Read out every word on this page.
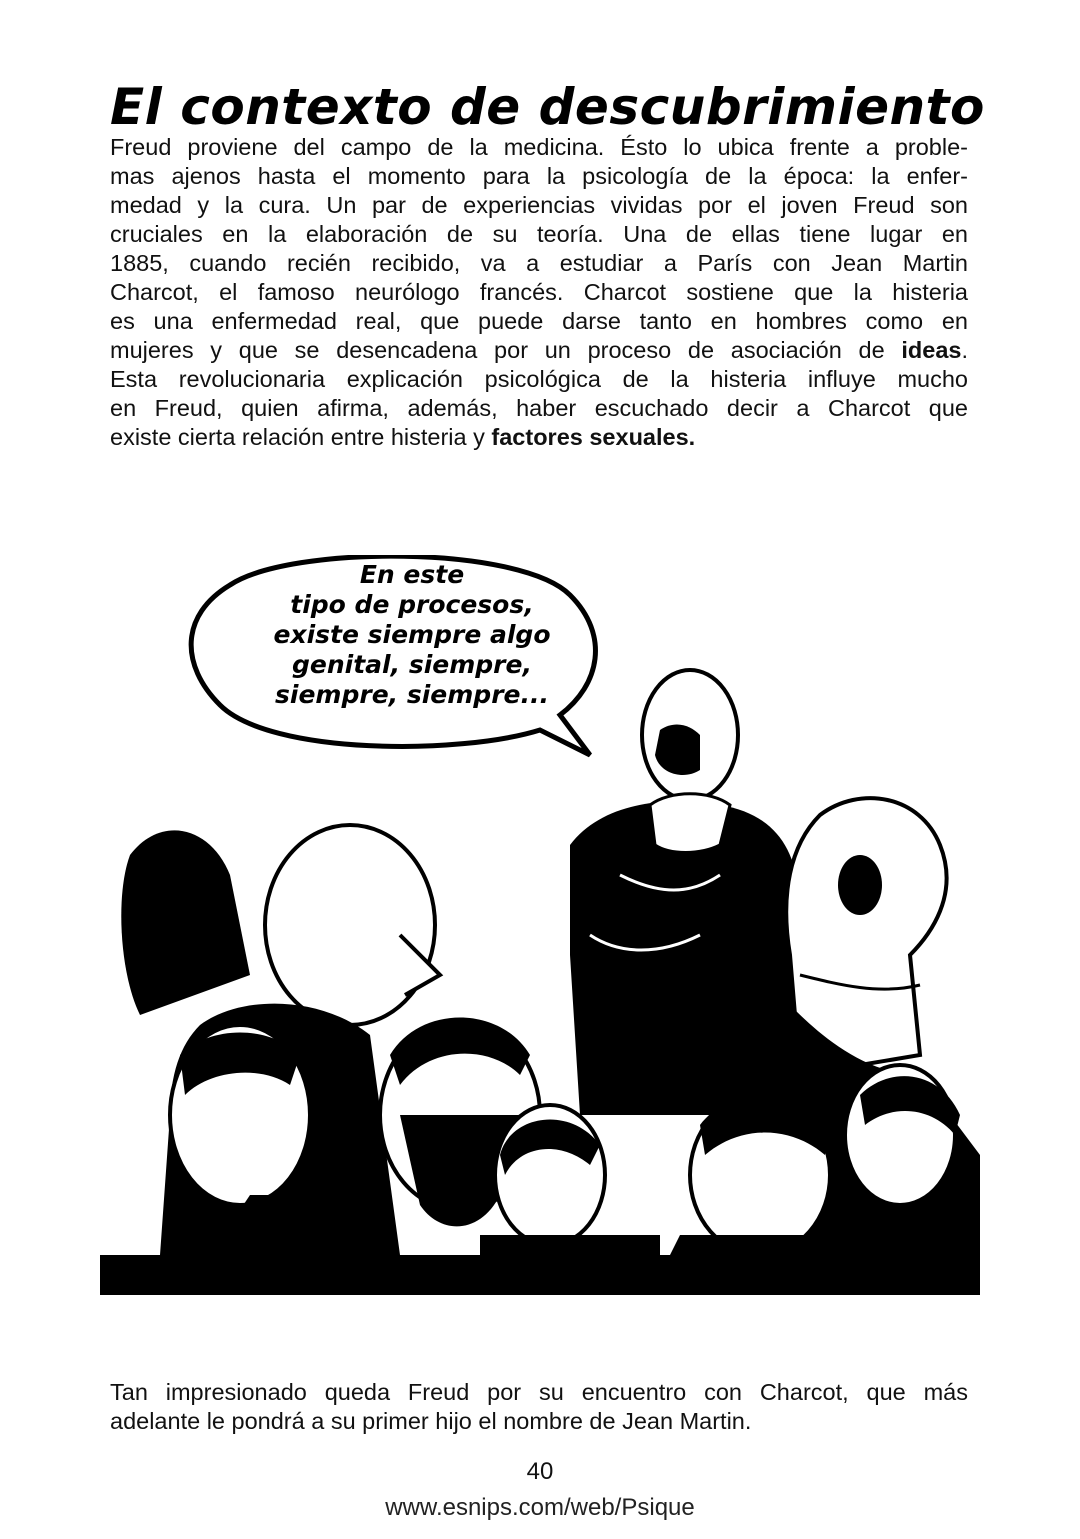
El contexto de descubrimiento
Freud proviene del campo de la medicina. Ésto lo ubica frente a proble-
mas ajenos hasta el momento para la psicología de la época: la enfer-
medad y la cura. Un par de experiencias vividas por el joven Freud son
cruciales en la elaboración de su teoría. Una de ellas tiene lugar en
1885, cuando recién recibido, va a estudiar a París con Jean Martin
Charcot, el famoso neurólogo francés. Charcot sostiene que la histeria
es una enfermedad real, que puede darse tanto en hombres como en
mujeres y que se desencadena por un proceso de asociación de ideas.
Esta revolucionaria explicación psicológica de la histeria influye mucho
en Freud, quien afirma, además, haber escuchado decir a Charcot que
existe cierta relación entre histeria y factores sexuales.
En este
tipo de procesos,
existe siempre algo
genital, siempre,
siempre, siempre...
Tan impresionado queda Freud por su encuentro con Charcot, que más
adelante le pondrá a su primer hijo el nombre de Jean Martin.
40
www.esnips.com/web/Psique
